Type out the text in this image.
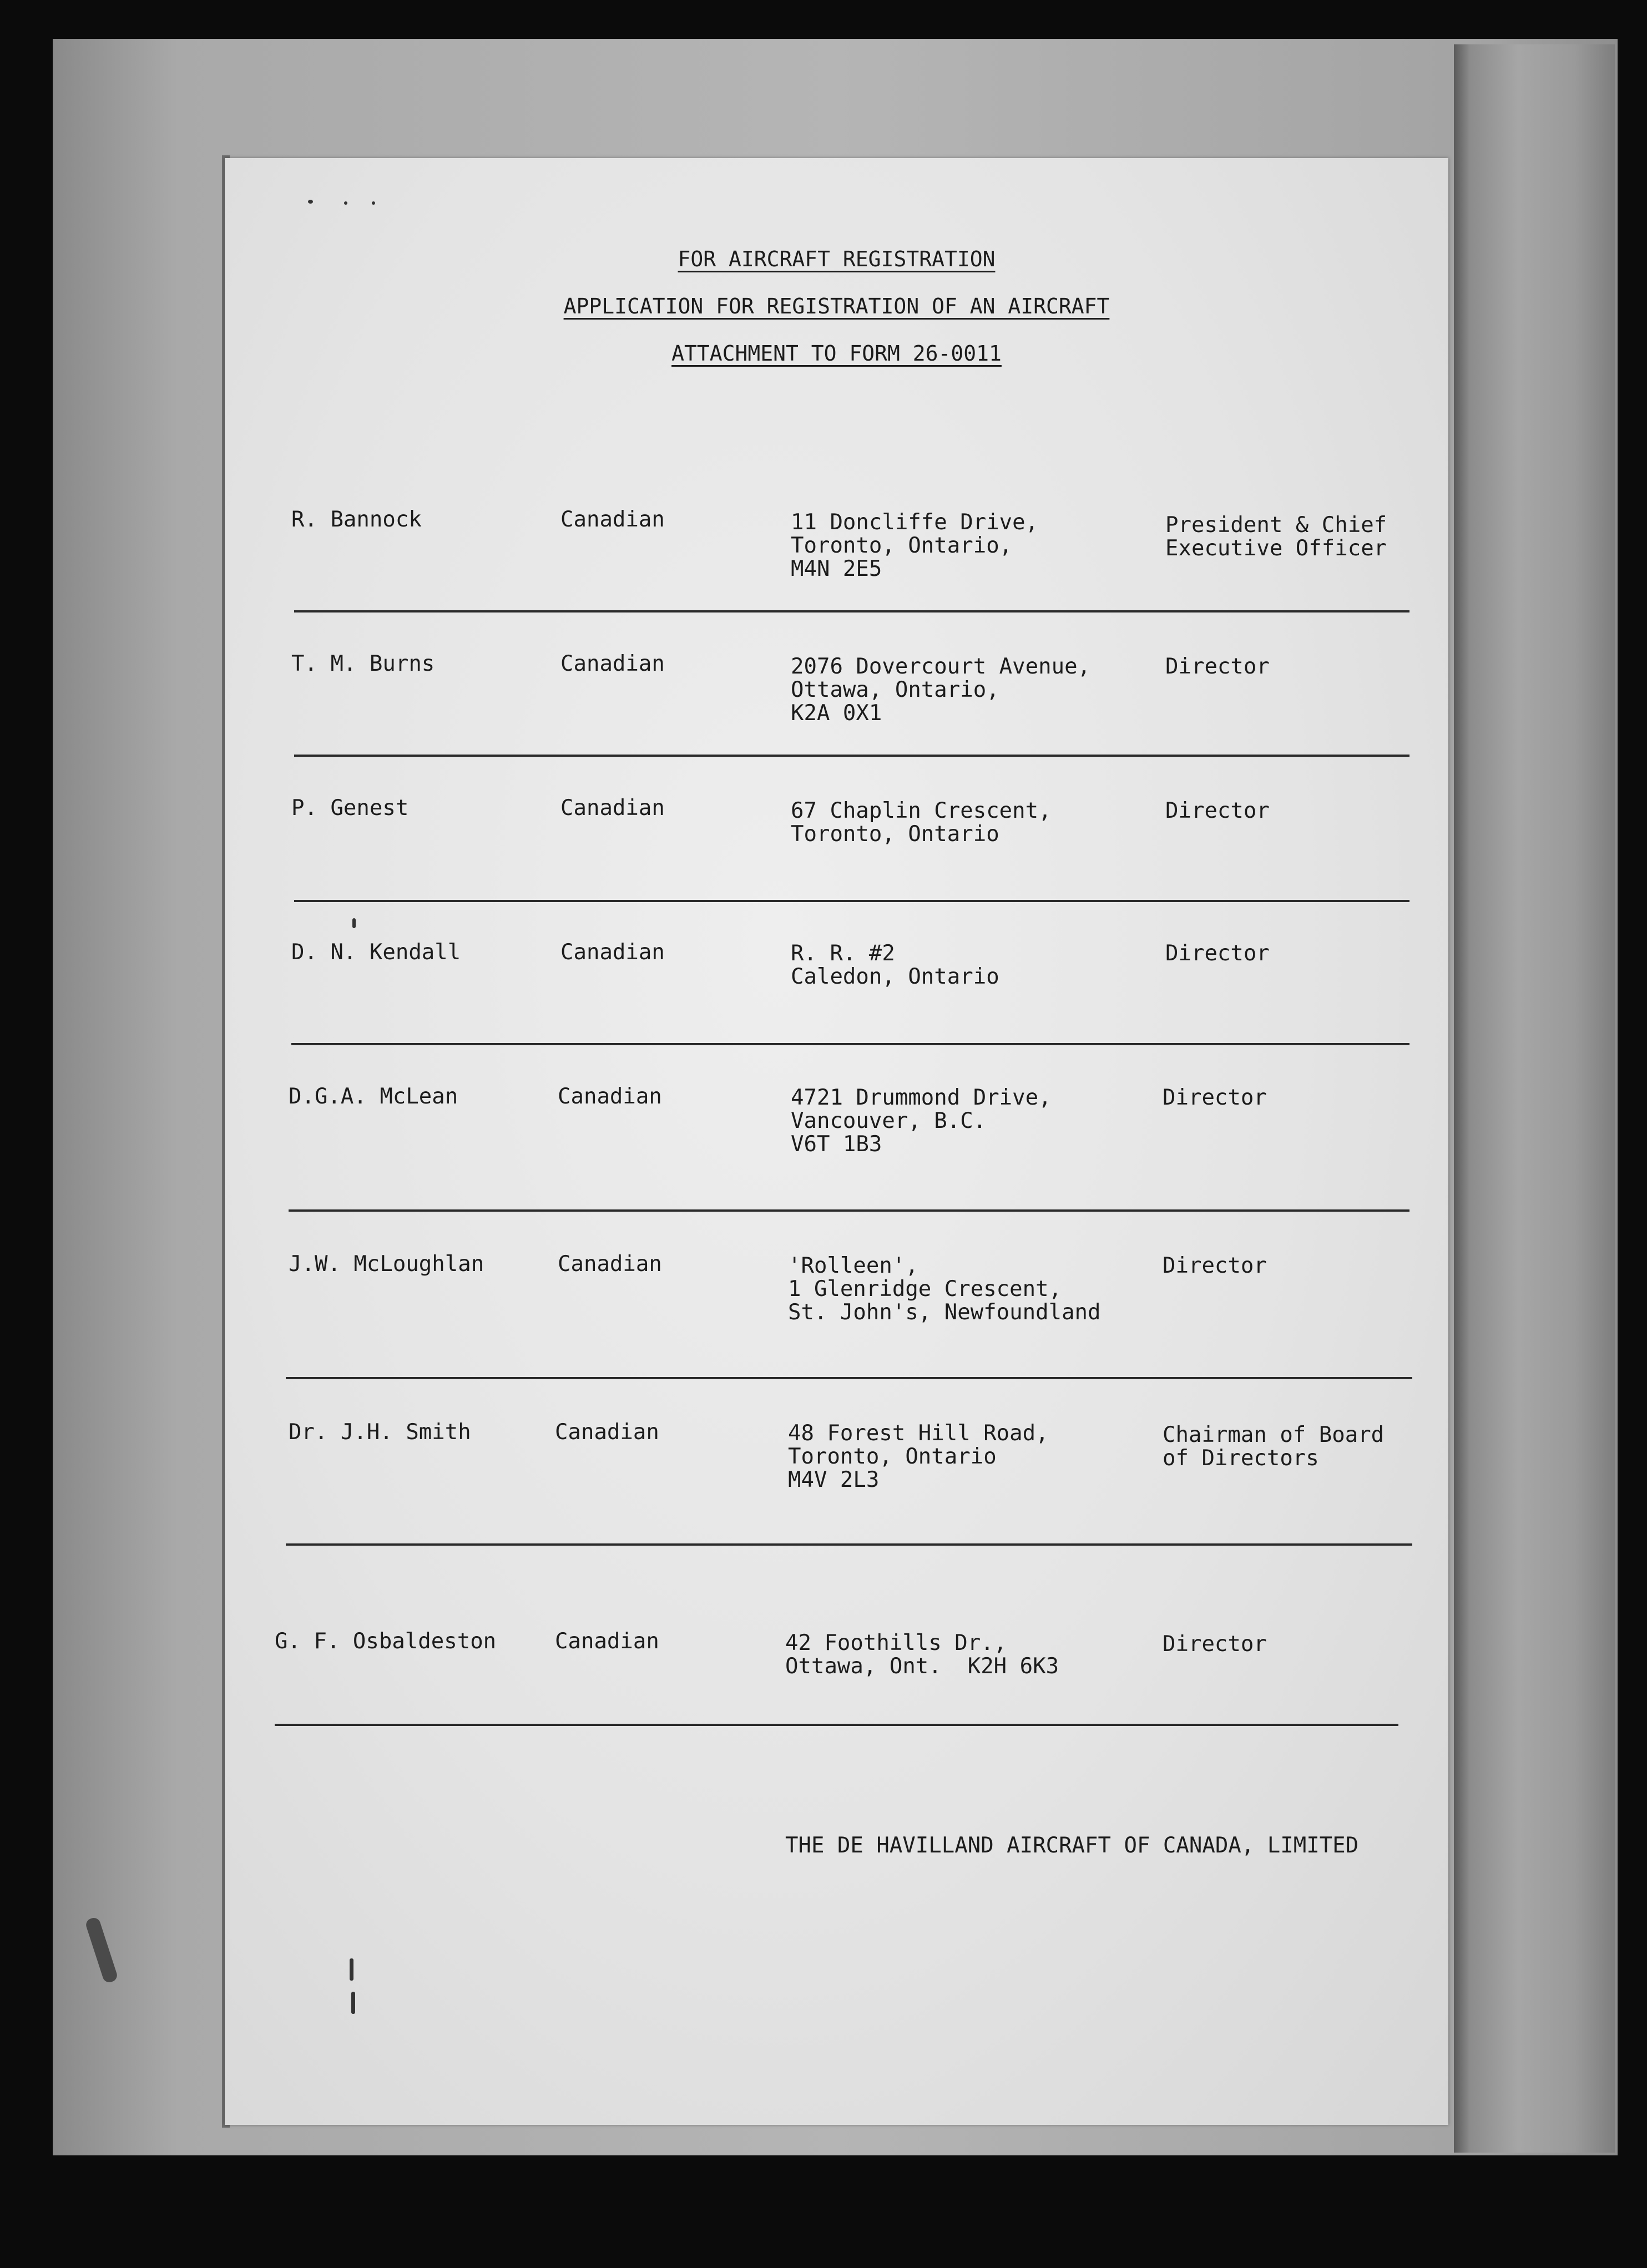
FOR AIRCRAFT REGISTRATION
APPLICATION FOR REGISTRATION OF AN AIRCRAFT
ATTACHMENT TO FORM 26-0011
R. Bannock	Canadian	11 Doncliffe Drive,
Toronto, Ontario,
M4N 2E5
President & Chief
Executive Officer
T. M. Burns	Canadian	2076 Dovercourt Avenue,
Ottawa, Ontario,
K2A 0X1
Director
P. Genest	Canadian	67 Chaplin Crescent,
Toronto, Ontario
Director
D. N. Kendall	Canadian	R. R. #2
Caledon, Ontario
Director
D.G.A. McLean	Canadian	4721 Drummond Drive,
Vancouver, B.C.
V6T 1B3
Director
J.W. McLoughlan	Canadian	'Rolleen',
1 Glenridge Crescent,
St. John's, Newfoundland
Director
Dr. J.H. Smith	Canadian	48 Forest Hill Road,
Toronto, Ontario
M4V 2L3
Chairman of Board
of Directors
G. F. Osbaldeston	Canadian	42 Foothills Dr.,
Ottawa, Ont.  K2H 6K3
Director
THE DE HAVILLAND AIRCRAFT OF CANADA, LIMITED
